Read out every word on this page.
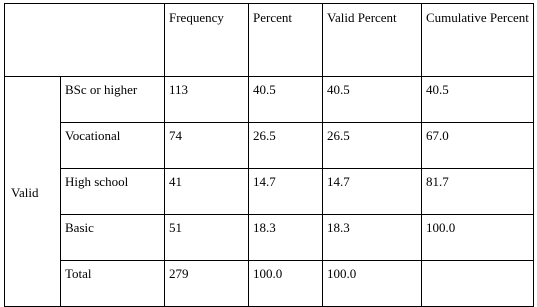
		Frequency	Percent	Valid Percent	Cumulative Percent
Valid	BSc or higher	113	40.5	40.5	40.5
	Vocational	74	26.5	26.5	67.0
	High school	41	14.7	14.7	81.7
	Basic	51	18.3	18.3	100.0
	Total	279	100.0	100.0	
